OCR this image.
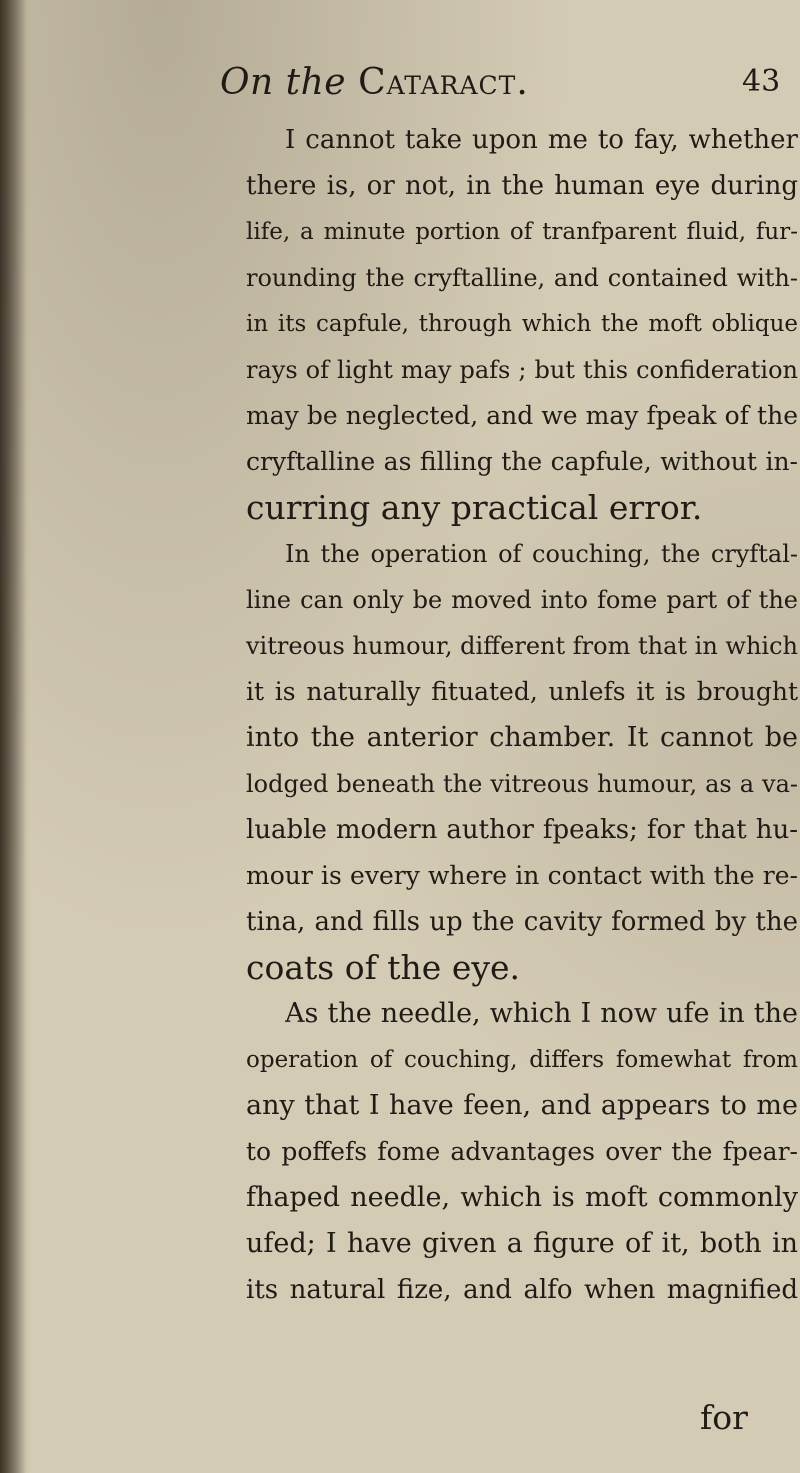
On the Cataract.	43
I cannot take upon me to fay, whether
there is, or not, in the human eye during
life, a minute portion of tranfparent fluid, fur-
rounding the cryftalline, and contained with-
in its capfule, through which the moft oblique
rays of light may pafs ; but this confideration
may be neglected, and we may fpeak of the
cryftalline as filling the capfule, without in-
curring any practical error.
In the operation of couching, the cryftal-
line can only be moved into fome part of the
vitreous humour, different from that in which
it is naturally fituated, unlefs it is brought
into the anterior chamber. It cannot be
lodged beneath the vitreous humour, as a va-
luable modern author fpeaks; for that hu-
mour is every where in contact with the re-
tina, and fills up the cavity formed by the
coats of the eye.
As the needle, which I now ufe in the
operation of couching, differs fomewhat from
any that I have feen, and appears to me
to poffefs fome advantages over the fpear-
fhaped needle, which is moft commonly
ufed; I have given a figure of it, both in
its natural fize, and alfo when magnified
for
